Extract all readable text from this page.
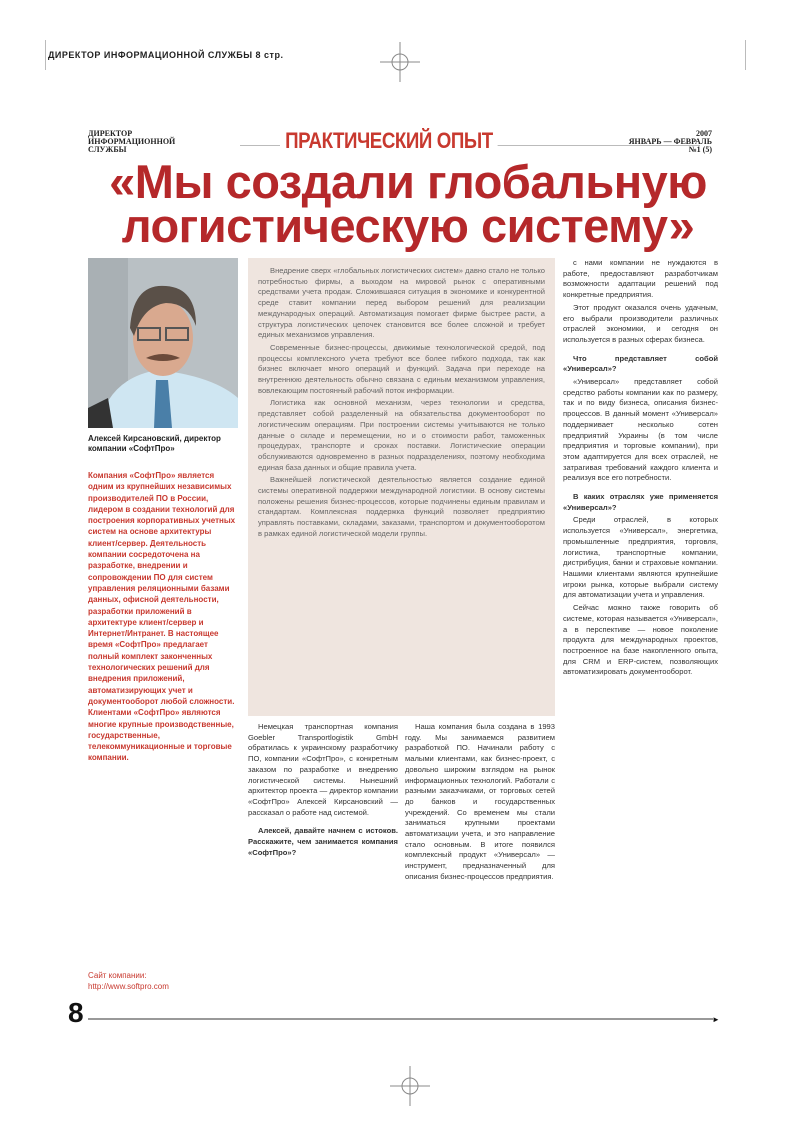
ДИРЕКТОР ИНФОРМАЦИОННОЙ СЛУЖБЫ 8 стр.
ДИРЕКТОР
ИНФОРМАЦИОННОЙ
СЛУЖБЫ	ПРАКТИЧЕСКИЙ ОПЫТ	2007
ЯНВАРЬ — ФЕВРАЛЬ
№1 (5)
«Мы создали глобальную логистическую систему»
Алексей Кирсановский, директор компании «СофтПро»
Компания «СофтПро» является одним из крупнейших независимых производителей ПО в России, лидером в создании технологий для построения корпоративных учетных систем на основе архитектуры клиент/сервер. Деятельность компании сосредоточена на разработке, внедрении и сопровождении ПО для систем управления реляционными базами данных, офисной деятельности, разработки приложений в архитектуре клиент/сервер и Интернет/Интранет. В настоящее время «СофтПро» предлагает полный комплект законченных технологических решений для внедрения приложений, автоматизирующих учет и документооборот любой сложности. Клиентами «СофтПро» являются многие крупные производственные, государственные, телекоммуникационные и торговые компании.
Сайт компании:
http://www.softpro.com

Внедрение сверх «глобальных логистических систем» давно стало не только потребностью фирмы, а выходом на мировой рынок с оперативными средствами учета продаж. Сложившаяся ситуация в экономике и конкурентной среде ставит компании перед выбором решений для реализации международных операций. Автоматизация помогает фирме быстрее расти, а структура логистических цепочек становится все более сложной и требует единых механизмов управления.

Современные бизнес-процессы, движимые технологической средой, под процессы комплексного учета требуют все более гибкого подхода, так как бизнес включает много операций и функций. Задача при переходе на внутреннюю деятельность обычно связана с единым механизмом управления, вовлекающим постоянный рабочий поток информации.

Логистика как основной механизм, через технологии и средства, представляет собой разделенный на обязательства документооборот по логистическим операциям. При построении системы учитываются не только данные о складе и перемещении, но и о стоимости работ, таможенных процедурах, транспорте и сроках поставки. Логистические операции обслуживаются одновременно в разных подразделениях, поэтому необходима единая база данных и общие правила учета.

Важнейшей логистической деятельностью является создание единой системы оперативной поддержки международной логистики. В основу системы положены решения бизнес-процессов, которые подчинены единым правилам и стандартам. Комплексная поддержка функций позволяет предприятию управлять поставками, складами, заказами, транспортом и документооборотом в рамках единой логистической модели группы.

Немецкая транспортная компания Goebler Transportlogistik GmbH обратилась к украинскому разработчику ПО, компании «СофтПро», с конкретным заказом по разработке и внедрению логистической системы. Нынешний архитектор проекта — директор компании «СофтПро» Алексей Кирсановский — рассказал о работе над системой.

Алексей, давайте начнем с истоков. Расскажите, чем занимается компания «СофтПро»?

Наша компания была создана в 1993 году. Мы занимаемся развитием разработкой ПО. Начинали работу с малыми клиентами, как бизнес-проект, с довольно широким взглядом на рынок информационных технологий. Работали с разными заказчиками, от торговых сетей до банков и государственных учреждений. Со временем мы стали заниматься крупными проектами автоматизации учета, и это направление стало основным. В итоге появился комплексный продукт «Универсал» — инструмент, предназначенный для описания бизнес-процессов предприятия.

с нами компании не нуждаются в работе, предоставляют разработчикам возможности адаптации решений под конкретные предприятия.

Этот продукт оказался очень удачным, его выбрали производители различных отраслей экономики, и сегодня он используется в разных сферах бизнеса.

Что представляет собой «Универсал»?

«Универсал» представляет собой средство работы компании как по размеру, так и по виду бизнеса, описания бизнес-процессов. В данный момент «Универсал» поддерживает несколько сотен предприятий Украины (в том числе предприятия и торговые компании), при этом адаптируется для всех отраслей, не затрагивая требований каждого клиента и реализуя все его потребности.

В каких отраслях уже применяется «Универсал»?

Среди отраслей, в которых используется «Универсал», энергетика, промышленные предприятия, торговля, логистика, транспортные компании, дистрибуция, банки и страховые компании. Нашими клиентами являются крупнейшие игроки рынка, которые выбрали систему для автоматизации учета и управления.

Сейчас можно также говорить об системе, которая называется «Универсал», а в перспективе — новое поколение продукта для международных проектов, построенное на базе накопленного опыта, для CRM и ERP-систем, позволяющих автоматизировать документооборот.

8	►
